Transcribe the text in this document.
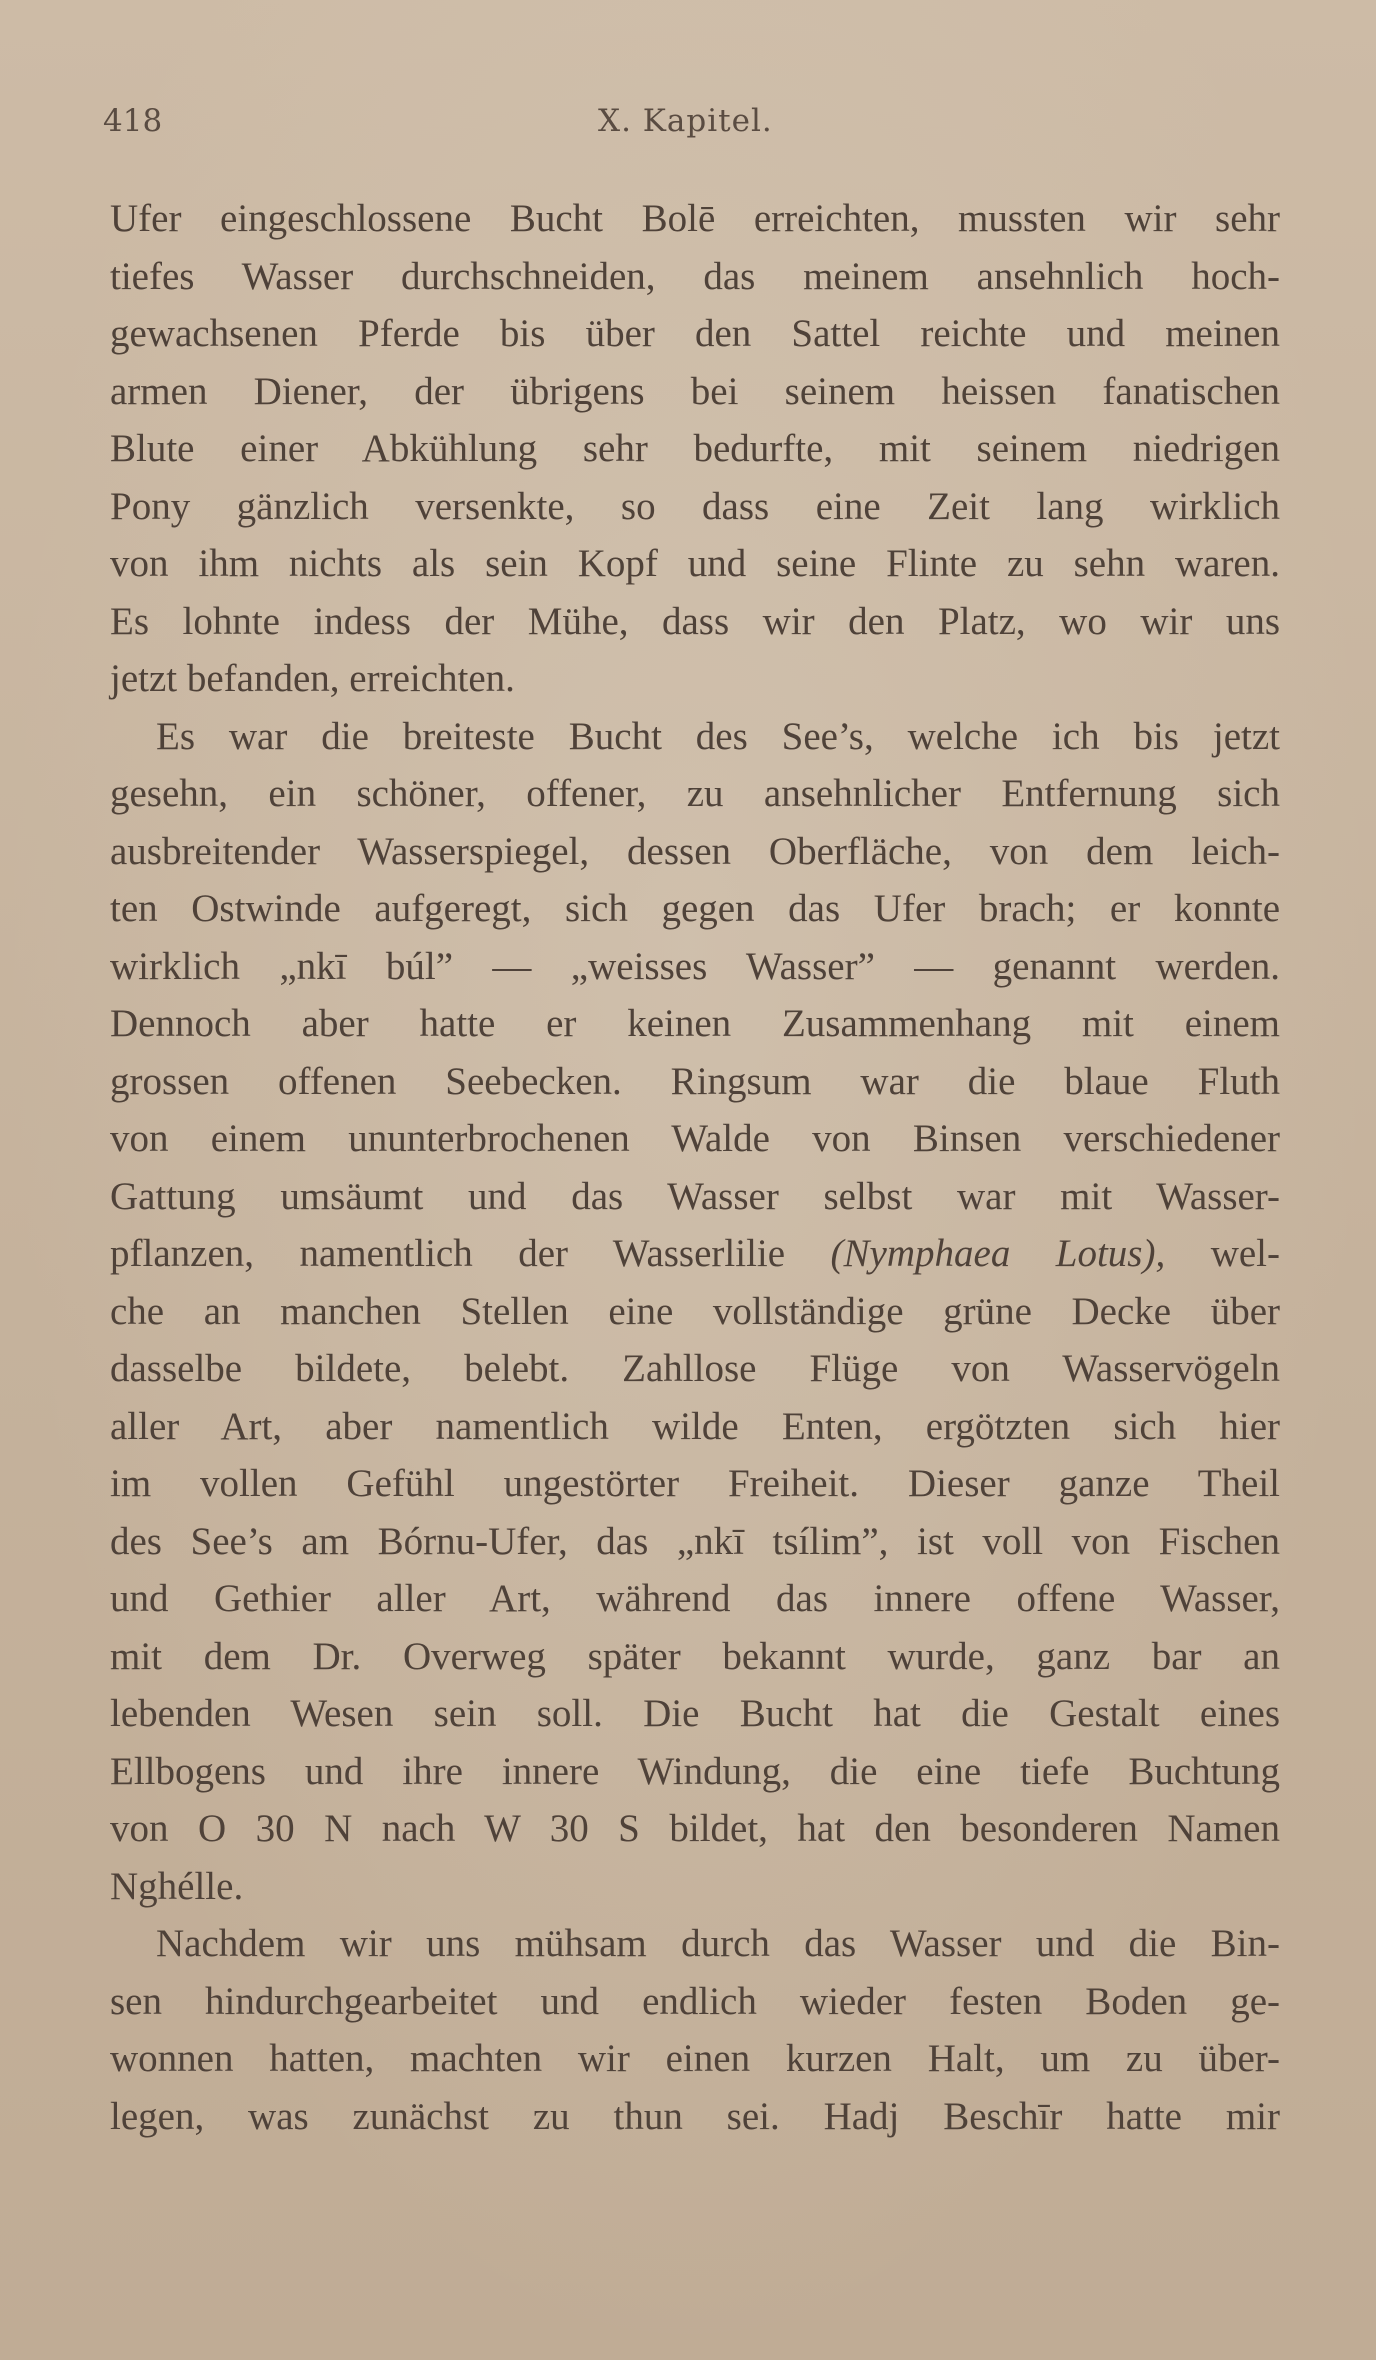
418	X. Kapitel.
Ufer eingeschlossene Bucht Bolē erreichten, mussten wir sehr
tiefes Wasser durchschneiden, das meinem ansehnlich hoch-
gewachsenen Pferde bis über den Sattel reichte und meinen
armen Diener, der übrigens bei seinem heissen fanatischen
Blute einer Abkühlung sehr bedurfte, mit seinem niedrigen
Pony gänzlich versenkte, so dass eine Zeit lang wirklich
von ihm nichts als sein Kopf und seine Flinte zu sehn waren.
Es lohnte indess der Mühe, dass wir den Platz, wo wir uns
jetzt befanden, erreichten.
Es war die breiteste Bucht des See’s, welche ich bis jetzt
gesehn, ein schöner, offener, zu ansehnlicher Entfernung sich
ausbreitender Wasserspiegel, dessen Oberfläche, von dem leich-
ten Ostwinde aufgeregt, sich gegen das Ufer brach; er konnte
wirklich „nkī búl” — „weisses Wasser” — genannt werden.
Dennoch aber hatte er keinen Zusammenhang mit einem
grossen offenen Seebecken. Ringsum war die blaue Fluth
von einem ununterbrochenen Walde von Binsen verschiedener
Gattung umsäumt und das Wasser selbst war mit Wasser-
pflanzen, namentlich der Wasserlilie (Nymphaea Lotus), wel-
che an manchen Stellen eine vollständige grüne Decke über
dasselbe bildete, belebt. Zahllose Flüge von Wasservögeln
aller Art, aber namentlich wilde Enten, ergötzten sich hier
im vollen Gefühl ungestörter Freiheit. Dieser ganze Theil
des See’s am Bórnu-Ufer, das „nkī tsílim”, ist voll von Fischen
und Gethier aller Art, während das innere offene Wasser,
mit dem Dr. Overweg später bekannt wurde, ganz bar an
lebenden Wesen sein soll. Die Bucht hat die Gestalt eines
Ellbogens und ihre innere Windung, die eine tiefe Buchtung
von O 30 N nach W 30 S bildet, hat den besonderen Namen
Nghélle.
Nachdem wir uns mühsam durch das Wasser und die Bin-
sen hindurchgearbeitet und endlich wieder festen Boden ge-
wonnen hatten, machten wir einen kurzen Halt, um zu über-
legen, was zunächst zu thun sei. Hadj Beschīr hatte mir
